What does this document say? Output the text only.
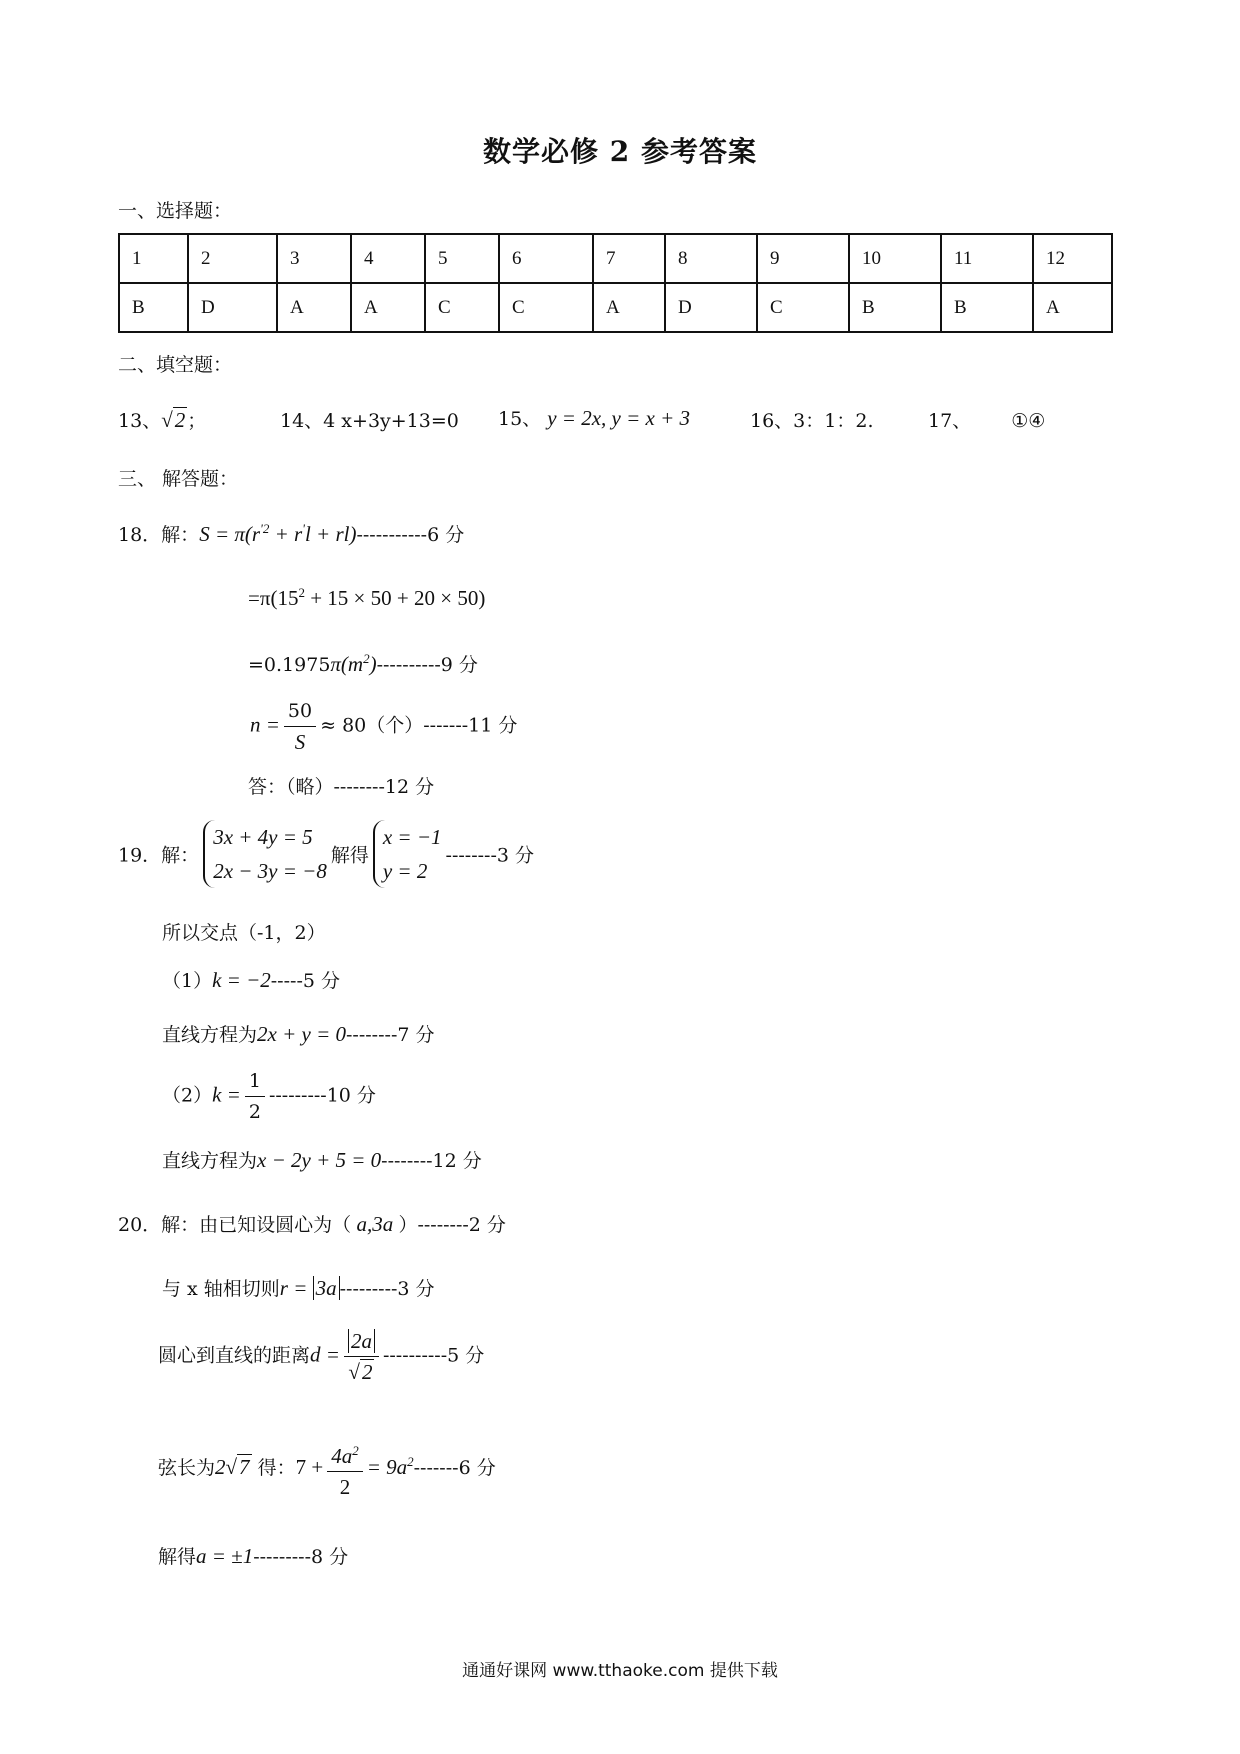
数学必修 2 参考答案
一、选择题：
1	2	3	4	5	6	7	8	9	10	11	12
B	D	A	A	C	C	A	D	C	B	B	A
二、填空题：
13、√2 ；	14、4 x+3y+13=0 15、 y = 2x, y = x + 3	16、3：1：2.	17、 ①④
三、 解答题：
18．解：$S = \pi(r^{'2} + r'l + rl)-----------6$ 分
$=\pi(15^2 + 15 \times 50 + 20 \times 50)$
$=0.1975\pi(m^2)----------9$ 分
$n = \frac{50}{S} \approx 80$（个）-------11 分
答：（略）--------12 分
19．解：3x + 4y = 5
2x − 3y = −8解得x = −1
y = 2--------3 分
所以交点（-1，2）
（1）k = −2-----5 分
直线方程为2x + y = 0--------7 分
$(2)k = \frac{1}{2} ---------10$ 分
直线方程为x − 2y + 5 = 0--------12 分
20．解：由已知设圆心为（ a,3a ）--------2 分
与 x 轴相切则r = 3a ---------3 分
圆心到直线的距离$d = \frac{2a}{√2} ----------5$ 分
弦长为2√7 得：$7 + \frac{4a^2}{2} = 9a^2-------6$ 分
解得a = ±1---------8 分
通通好课网 www.tthaoke.com 提供下载
